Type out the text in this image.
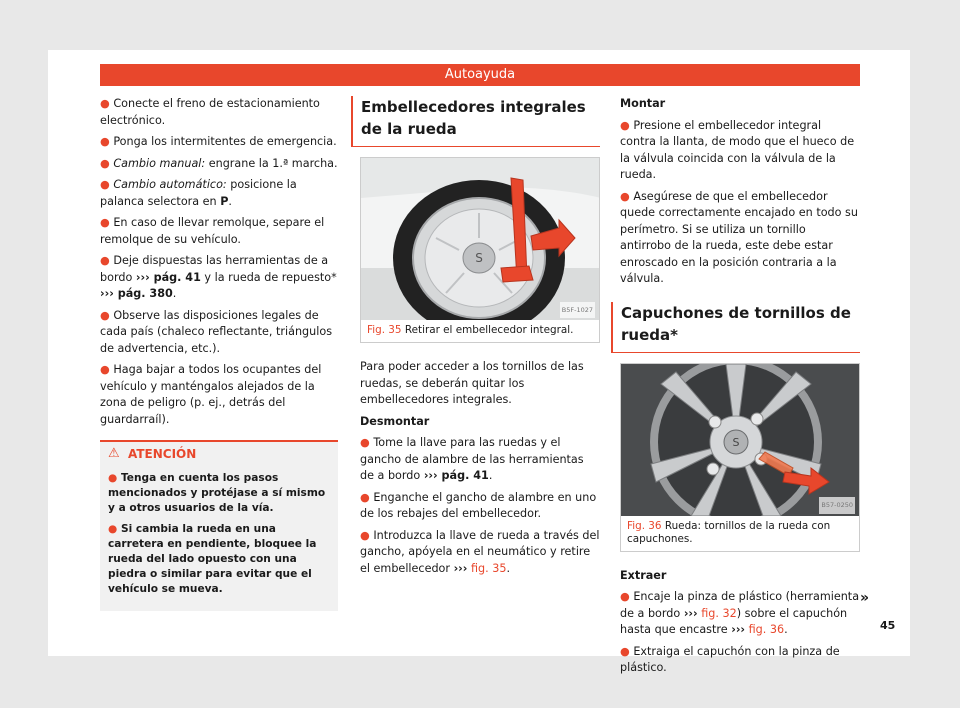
Autoayuda

● Conecte el freno de estacionamiento electrónico.

● Ponga los intermitentes de emergencia.

● Cambio manual: engrane la 1.ª marcha.

● Cambio automático: posicione la palanca selectora en P.

● En caso de llevar remolque, separe el remolque de su vehículo.

● Deje dispuestas las herramientas de a bordo ››› pág. 41 y la rueda de repuesto* ››› pág. 380.

● Observe las disposiciones legales de cada país (chaleco reflectante, triángulos de advertencia, etc.).

● Haga bajar a todos los ocupantes del vehículo y manténgalos alejados de la zona de peligro (p. ej., detrás del guardarraíl).

⚠ ATENCIÓN

● Tenga en cuenta los pasos mencionados y protéjase a sí mismo y a otros usuarios de la vía.

● Si cambia la rueda en una carretera en pendiente, bloquee la rueda del lado opuesto con una piedra o similar para evitar que el vehículo se mueva.

Embellecedores integrales de la rueda
S
B5F-1027
Fig. 35 Retirar el embellecedor integral.

Para poder acceder a los tornillos de las ruedas, se deberán quitar los embellecedores integrales.

Desmontar

● Tome la llave para las ruedas y el gancho de alambre de las herramientas de a bordo ››› pág. 41.

● Enganche el gancho de alambre en uno de los rebajes del embellecedor.

● Introduzca la llave de rueda a través del gancho, apóyela en el neumático y retire el embellecedor ››› fig. 35.

Montar

● Presione el embellecedor integral contra la llanta, de modo que el hueco de la válvula coincida con la válvula de la rueda.

● Asegúrese de que el embellecedor quede correctamente encajado en todo su perímetro. Si se utiliza un tornillo antirrobo de la rueda, este debe estar enroscado en la posición contraria a la válvula.

Capuchones de tornillos de rueda*
S
B57-0250
Fig. 36 Rueda: tornillos de la rueda con capuchones.

Extraer

● Encaje la pinza de plástico (herramienta de a bordo ››› fig. 32) sobre el capuchón hasta que encastre ››› fig. 36.

● Extraiga el capuchón con la pinza de plástico.

»
45
